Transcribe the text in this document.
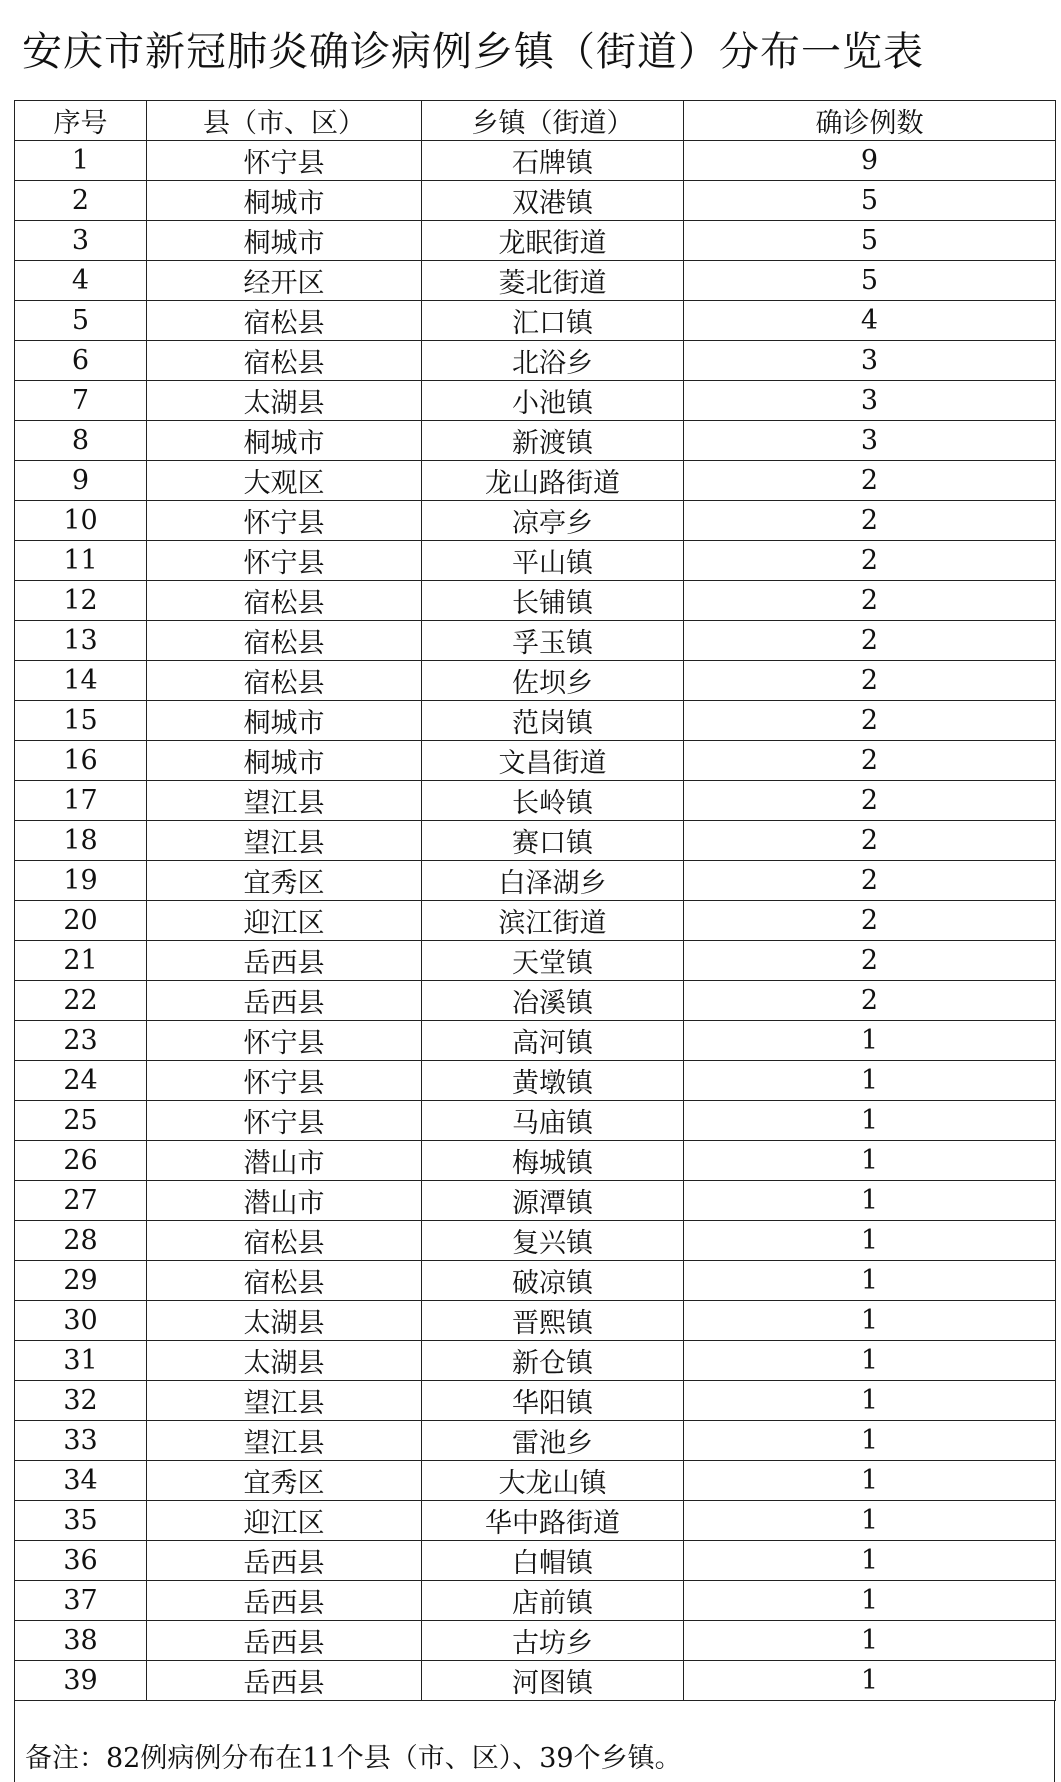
安庆市新冠肺炎确诊病例乡镇（街道）分布一览表
序号	县（市、区）	乡镇（街道）	确诊例数
1	怀宁县	石牌镇	9
2	桐城市	双港镇	5
3	桐城市	龙眠街道	5
4	经开区	菱北街道	5
5	宿松县	汇口镇	4
6	宿松县	北浴乡	3
7	太湖县	小池镇	3
8	桐城市	新渡镇	3
9	大观区	龙山路街道	2
10	怀宁县	凉亭乡	2
11	怀宁县	平山镇	2
12	宿松县	长铺镇	2
13	宿松县	孚玉镇	2
14	宿松县	佐坝乡	2
15	桐城市	范岗镇	2
16	桐城市	文昌街道	2
17	望江县	长岭镇	2
18	望江县	赛口镇	2
19	宜秀区	白泽湖乡	2
20	迎江区	滨江街道	2
21	岳西县	天堂镇	2
22	岳西县	冶溪镇	2
23	怀宁县	高河镇	1
24	怀宁县	黄墩镇	1
25	怀宁县	马庙镇	1
26	潜山市	梅城镇	1
27	潜山市	源潭镇	1
28	宿松县	复兴镇	1
29	宿松县	破凉镇	1
30	太湖县	晋熙镇	1
31	太湖县	新仓镇	1
32	望江县	华阳镇	1
33	望江县	雷池乡	1
34	宜秀区	大龙山镇	1
35	迎江区	华中路街道	1
36	岳西县	白帽镇	1
37	岳西县	店前镇	1
38	岳西县	古坊乡	1
39	岳西县	河图镇	1
备注：82例病例分布在11个县（市、区）、39个乡镇。
